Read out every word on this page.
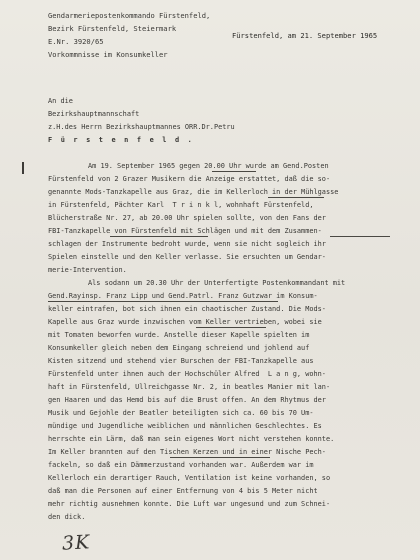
Gendarmeriepostenkommando Fürstenfeld,
Bezirk Fürstenfeld, Steiermark
E.Nr. 3920/65
Vorkommnisse im Konsumkeller
Fürstenfeld, am 21. September 1965
An die
Bezirkshauptmannschaft
z.H.des Herrn Bezirkshauptmannes ORR.Dr.Petru
F ü r s t e n f e l d .
Am 19. September 1965 gegen 20.00 Uhr wurde am Gend.Posten
Fürstenfeld von 2 Grazer Musikern die Anzeige erstattet, daß die so-
genannte Mods-Tanzkapelle aus Graz, die im Kellerloch in der Mühlgasse
in Fürstenfeld, Pächter Karl  T r i n k l, wohnhaft Fürstenfeld,
Blücherstraße Nr. 27, ab 20.00 Uhr spielen sollte, von den Fans der
FBI-Tanzkapelle von Fürstenfeld mit Schlägen und mit dem Zusammen-
schlagen der Instrumente bedroht wurde, wenn sie nicht sogleich ihr
Spielen einstelle und den Keller verlasse. Sie ersuchten um Gendar-
merie-Intervention.
Als sodann um 20.30 Uhr der Unterfertigte Postenkommandant mit
Gend.Rayinsp. Franz Lipp und Gend.Patrl. Franz Gutzwar im Konsum-
keller eintrafen, bot sich ihnen ein chaotischer Zustand. Die Mods-
Kapelle aus Graz wurde inzwischen vom Keller vertrieben, wobei sie
mit Tomaten beworfen wurde. Anstelle dieser Kapelle spielten im
Konsumkeller gleich neben dem Eingang schreiend und johlend auf
Kisten sitzend und stehend vier Burschen der FBI-Tanzkapelle aus
Fürstenfeld unter ihnen auch der Hochschüler Alfred  L a n g, wohn-
haft in Fürstenfeld, Ullreichgasse Nr. 2, in beatles Manier mit lan-
gen Haaren und das Hemd bis auf die Brust offen. An dem Rhytmus der
Musik und Gejohle der Beatler beteiligten sich ca. 60 bis 70 Um-
mündige und Jugendliche weiblichen und männlichen Geschlechtes. Es
herrschte ein Lärm, daß man sein eigenes Wort nicht verstehen konnte.
Im Keller brannten auf den Tischen Kerzen und in einer Nische Pech-
fackeln, so daß ein Dämmerzustand vorhanden war. Außerdem war im
Kellerloch ein derartiger Rauch, Ventilation ist keine vorhanden, so
daß man die Personen auf einer Entfernung von 4 bis 5 Meter nicht
mehr richtig ausnehmen konnte. Die Luft war ungesund und zum Schnei-
den dick.
3K
